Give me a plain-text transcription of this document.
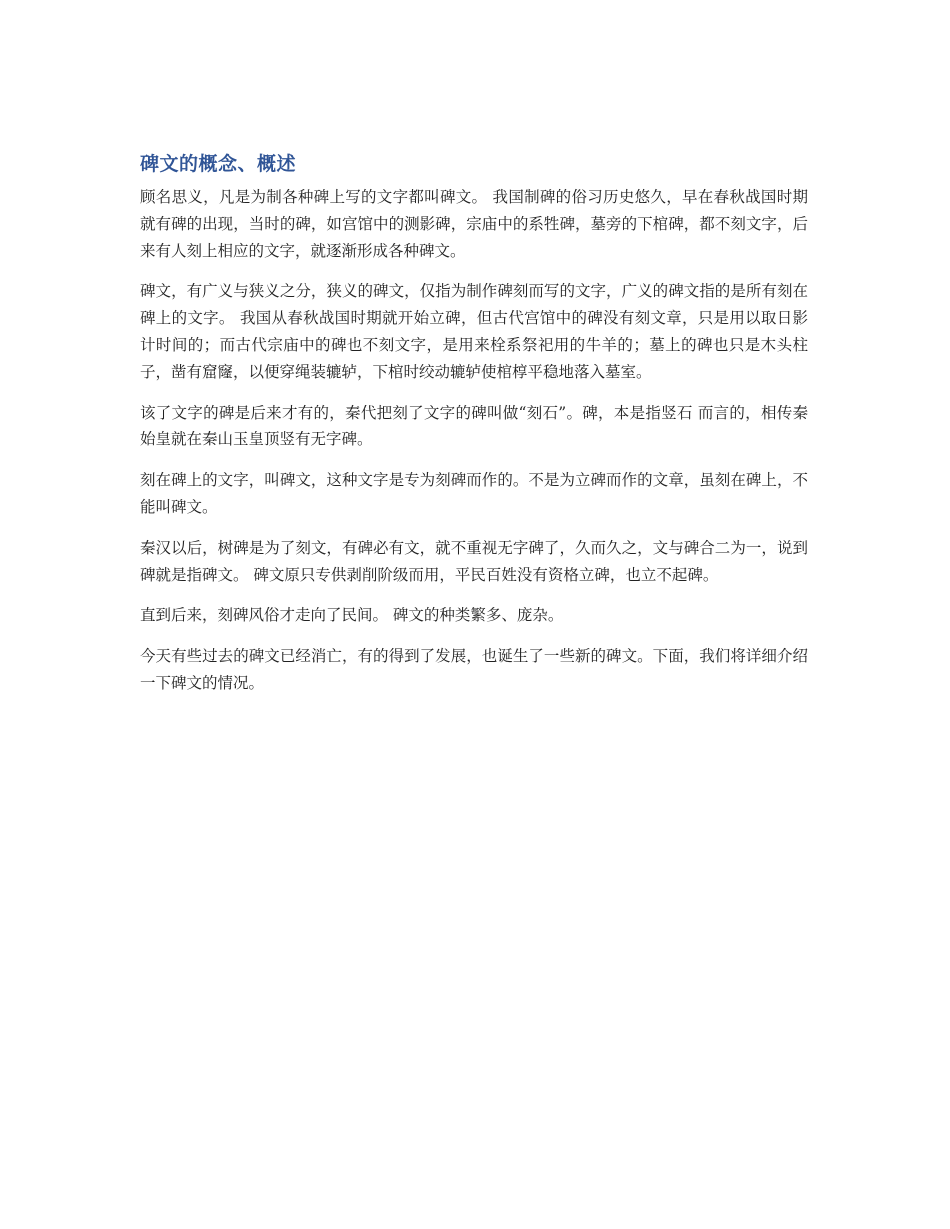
碑文的概念、概述

顾名思义，凡是为制各种碑上写的文字都叫碑文。 我国制碑的俗习历史悠久，早在春秋战国时期就有碑的出现，当时的碑，如宫馆中的测影碑，宗庙中的系牲碑，墓旁的下棺碑，都不刻文字，后来有人刻上相应的文字，就逐渐形成各种碑文。

碑文，有广义与狭义之分，狭义的碑文，仅指为制作碑刻而写的文字，广义的碑文指的是所有刻在碑上的文字。 我国从春秋战国时期就开始立碑，但古代宫馆中的碑没有刻文章，只是用以取日影计时间的；而古代宗庙中的碑也不刻文字，是用来栓系祭祀用的牛羊的；墓上的碑也只是木头柱子，凿有窟窿，以便穿绳装辘轳，下棺时绞动辘轳使棺椁平稳地落入墓室。

该了文字的碑是后来才有的，秦代把刻了文字的碑叫做“刻石”。碑，本是指竖石 而言的，相传秦始皇就在秦山玉皇顶竖有无字碑。

刻在碑上的文字，叫碑文，这种文字是专为刻碑而作的。不是为立碑而作的文章，虽刻在碑上，不能叫碑文。

秦汉以后，树碑是为了刻文，有碑必有文，就不重视无字碑了，久而久之，文与碑合二为一，说到碑就是指碑文。 碑文原只专供剥削阶级而用，平民百姓没有资格立碑，也立不起碑。

直到后来，刻碑风俗才走向了民间。 碑文的种类繁多、庞杂。

今天有些过去的碑文已经消亡，有的得到了发展，也诞生了一些新的碑文。下面，我们将详细介绍一下碑文的情况。
